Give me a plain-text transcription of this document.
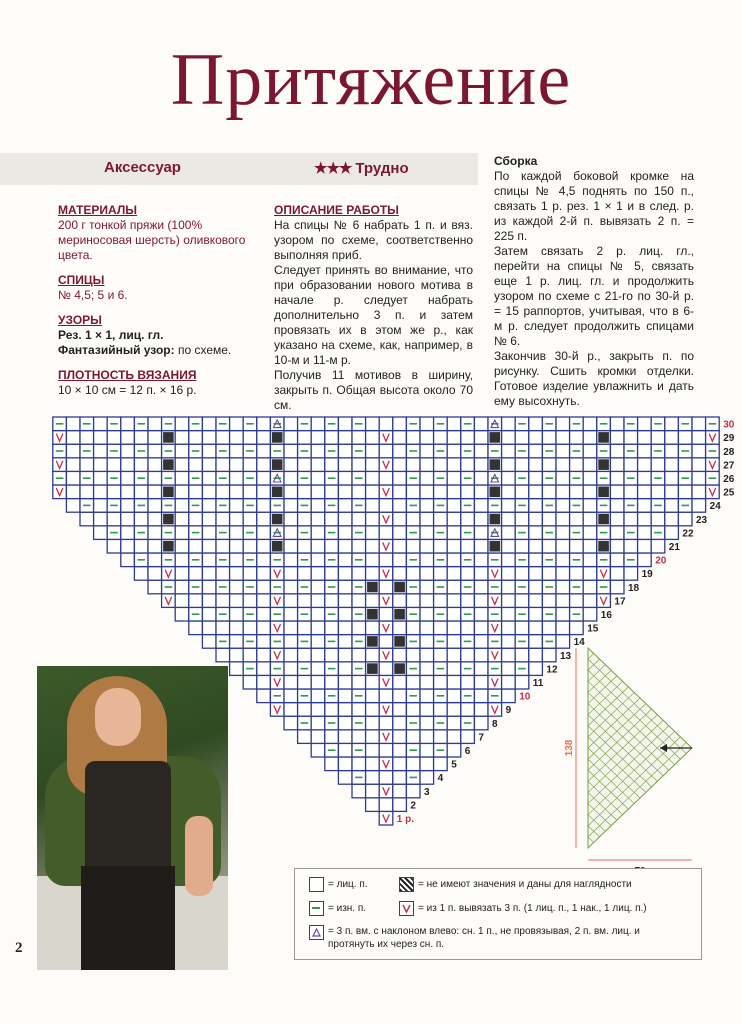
Притяжение
Аксессуар	★★★ Трудно
МАТЕРИАЛЫ
200 г тонкой пряжи (100% мериносовая шерсть) оливкового цвета.
СПИЦЫ
№ 4,5; 5 и 6.
УЗОРЫ
Рез. 1 × 1, лиц. гл.
Фантазийный узор: по схеме.
ПЛОТНОСТЬ ВЯЗАНИЯ
10 × 10 см = 12 п. × 16 р.
ОПИСАНИЕ РАБОТЫ

На спицы № 6 набрать 1 п. и вяз. узором по схеме, соответственно выполняя приб.

Следует принять во внимание, что при образовании нового мотива в начале р. следует набрать дополнительно 3 п. и затем провязать их в этом же р., как указано на схеме, как, например, в 10-м и 11-м р.

Получив 11 мотивов в ширину, закрыть п. Общая высота около 70 см.

Сборка

По каждой боковой кромке на спицы № 4,5 поднять по 150 п., связать 1 р. рез. 1 × 1 и в след. р. из каждой 2-й п. вывязать 2 п. = 225 п.

Затем связать 2 р. лиц. гл., перейти на спицы № 5, связать еще 1 р. лиц. гл. и продолжить узором по схеме с 21-го по 30-й р. = 15 раппортов, учитывая, что в 6-м р. следует продолжить спицами № 6.

Закончив 30-й р., закрыть п. по рисунку. Сшить кромки отделки. Готовое изделие увлажнить и дать ему высохнуть.

1 р.
2
3
4
5
6
7
8
9
10
11
12
13
14
15
16
17
18
19
20
21
22
23
24
25
26
27
28
29
30
138
2
= лиц. п.	= не имеют значения и даны для наглядности
= изн. п.	= из 1 п. вывязать 3 п. (1 лиц. п., 1 нак., 1 лиц. п.)
= 3 п. вм. с наклоном влево: сн. 1 п., не провязывая, 2 п. вм. лиц. и протянуть их через сн. п.
